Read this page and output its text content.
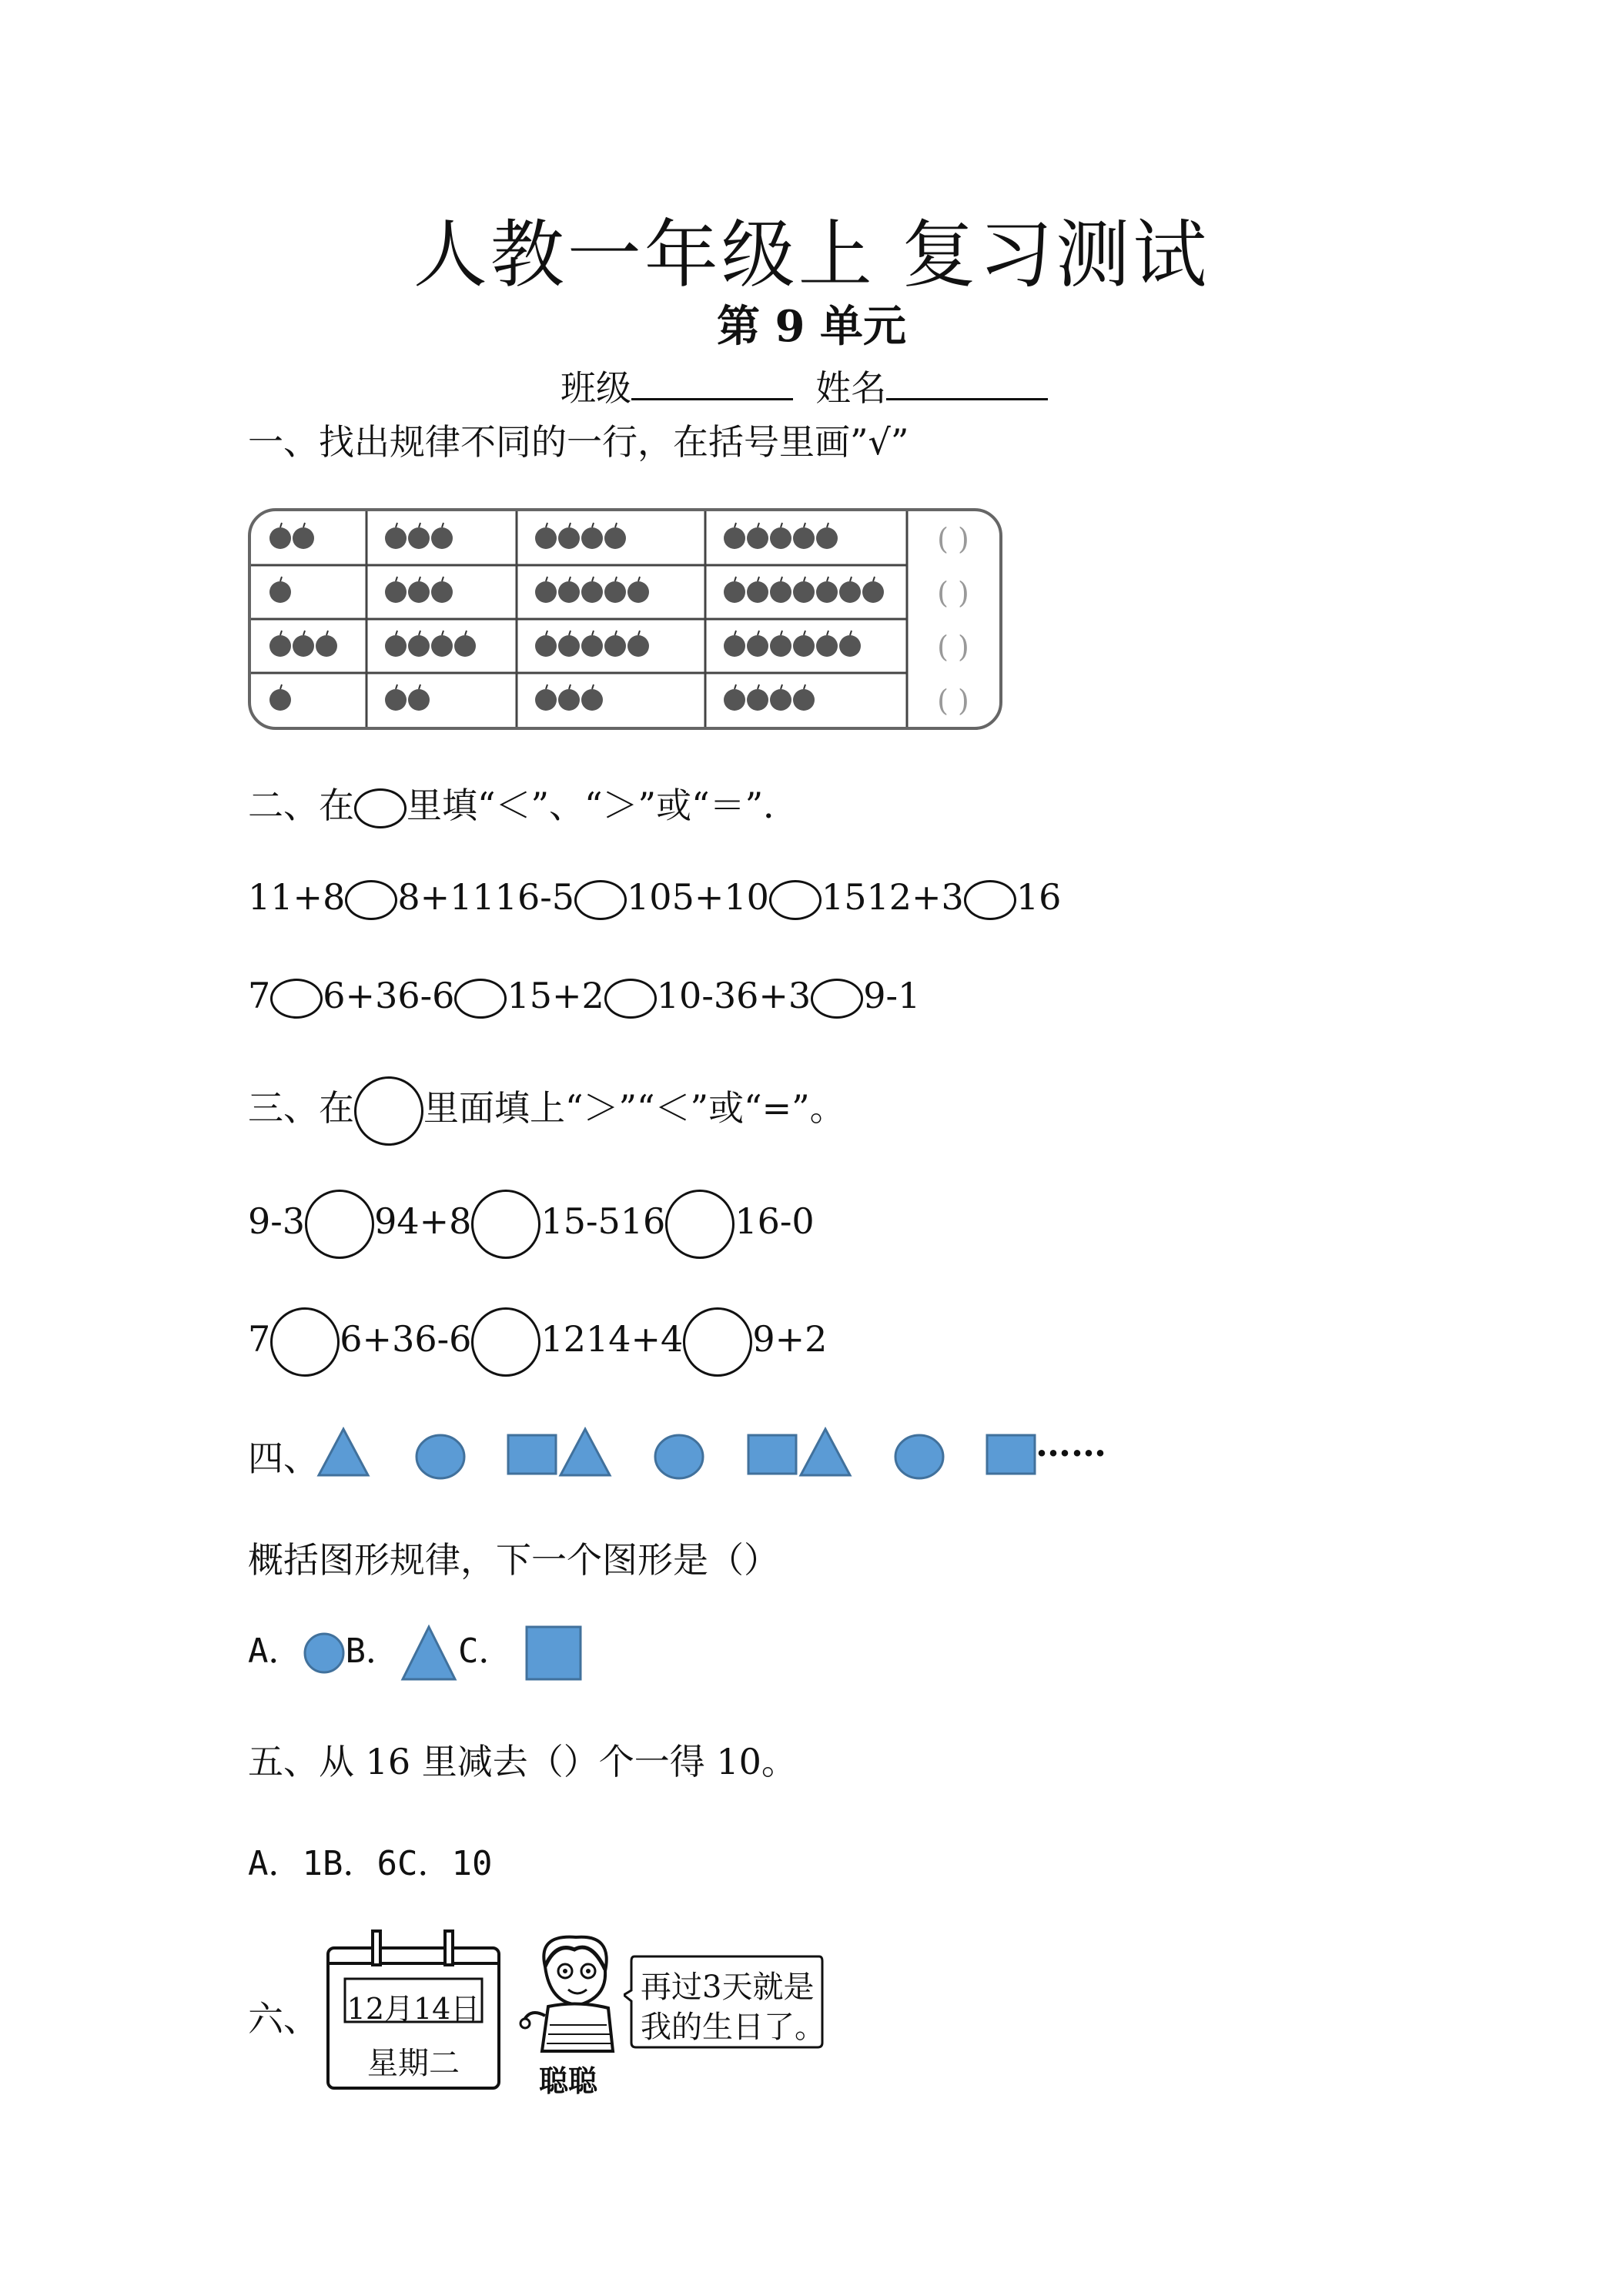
人教一年级上 复习测试
第 9 单元
班级	姓名
一、找出规律不同的一行，在括号里画”√”
( )
( )
( )
( )
二、在 里填“＜”、“＞”或“＝”．
11+8 8+1116-5 105+10 1512+3 16
7 6+36-6 15+2 10-36+3 9-1
三、在 里面填上“＞”“＜”或“=”。
9-3 94+8 15-516 16-0
7 6+36-6 1214+4 9+2
四、	……
概括图形规律，下一个图形是（）
A． B． C．
五、从 16 里减去（）个一得 10。
A．1B．6C．10
六、 12月14日
星期二	聪聪
再过3天就是
我的生日了。
